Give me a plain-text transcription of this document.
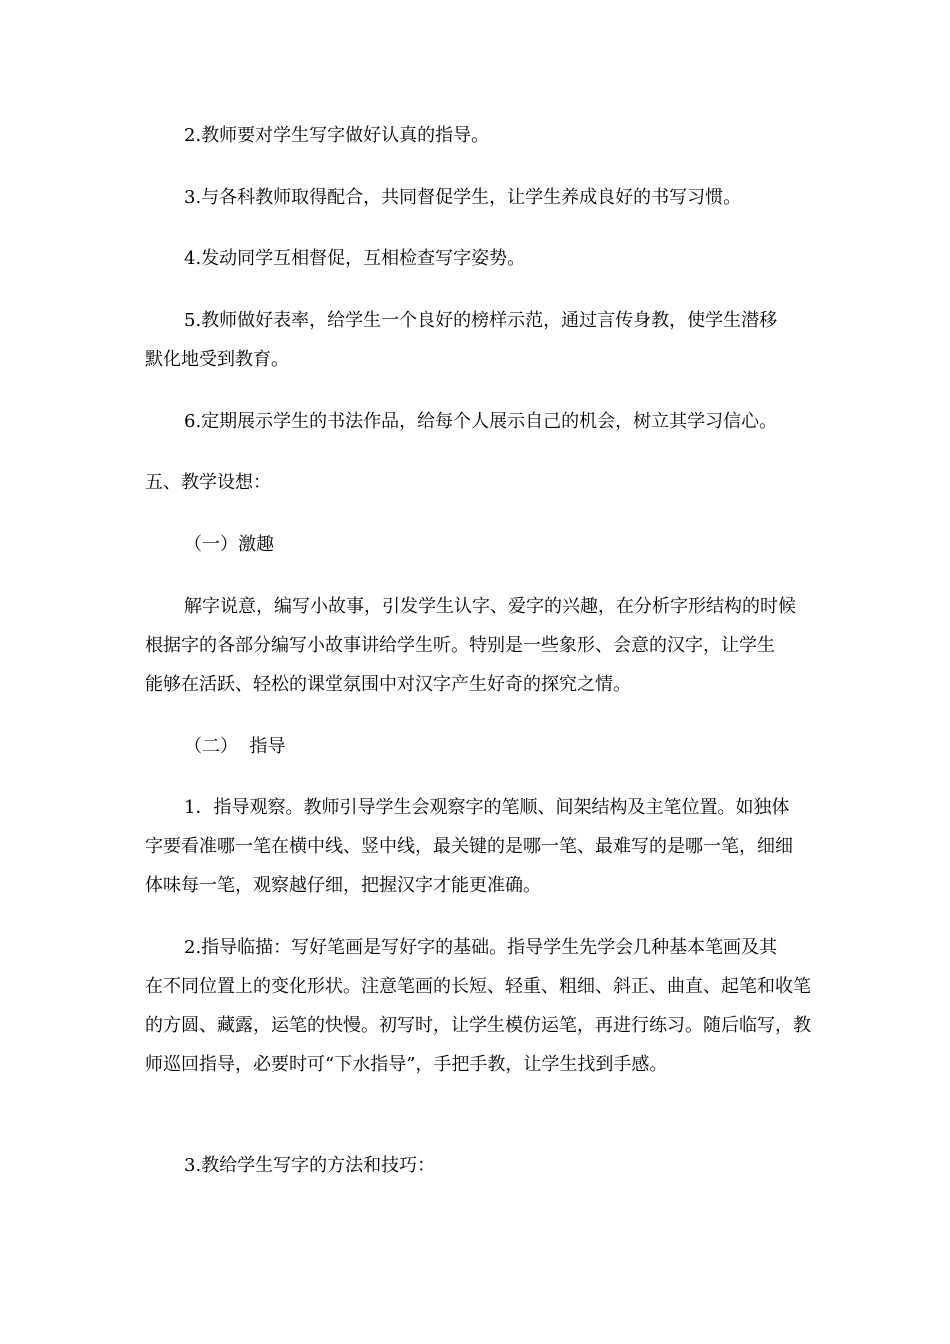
2.教师要对学生写字做好认真的指导。
3.与各科教师取得配合，共同督促学生，让学生养成良好的书写习惯。
4.发动同学互相督促，互相检查写字姿势。
5.教师做好表率，给学生一个良好的榜样示范，通过言传身教，使学生潜移
默化地受到教育。
6.定期展示学生的书法作品，给每个人展示自己的机会，树立其学习信心。
五、教学设想：
（一）激趣
解字说意，编写小故事，引发学生认字、爱字的兴趣，在分析字形结构的时候
根据字的各部分编写小故事讲给学生听。特别是一些象形、会意的汉字，让学生
能够在活跃、轻松的课堂氛围中对汉字产生好奇的探究之情。
（二）  指导
1．指导观察。教师引导学生会观察字的笔顺、间架结构及主笔位置。如独体
字要看准哪一笔在横中线、竖中线，最关键的是哪一笔、最难写的是哪一笔，细细
体味每一笔，观察越仔细，把握汉字才能更准确。
2.指导临描：写好笔画是写好字的基础。指导学生先学会几种基本笔画及其
在不同位置上的变化形状。注意笔画的长短、轻重、粗细、斜正、曲直、起笔和收笔
的方圆、藏露，运笔的快慢。初写时，让学生模仿运笔，再进行练习。随后临写，教
师巡回指导，必要时可“下水指导”，手把手教，让学生找到手感。
3.教给学生写字的方法和技巧：
